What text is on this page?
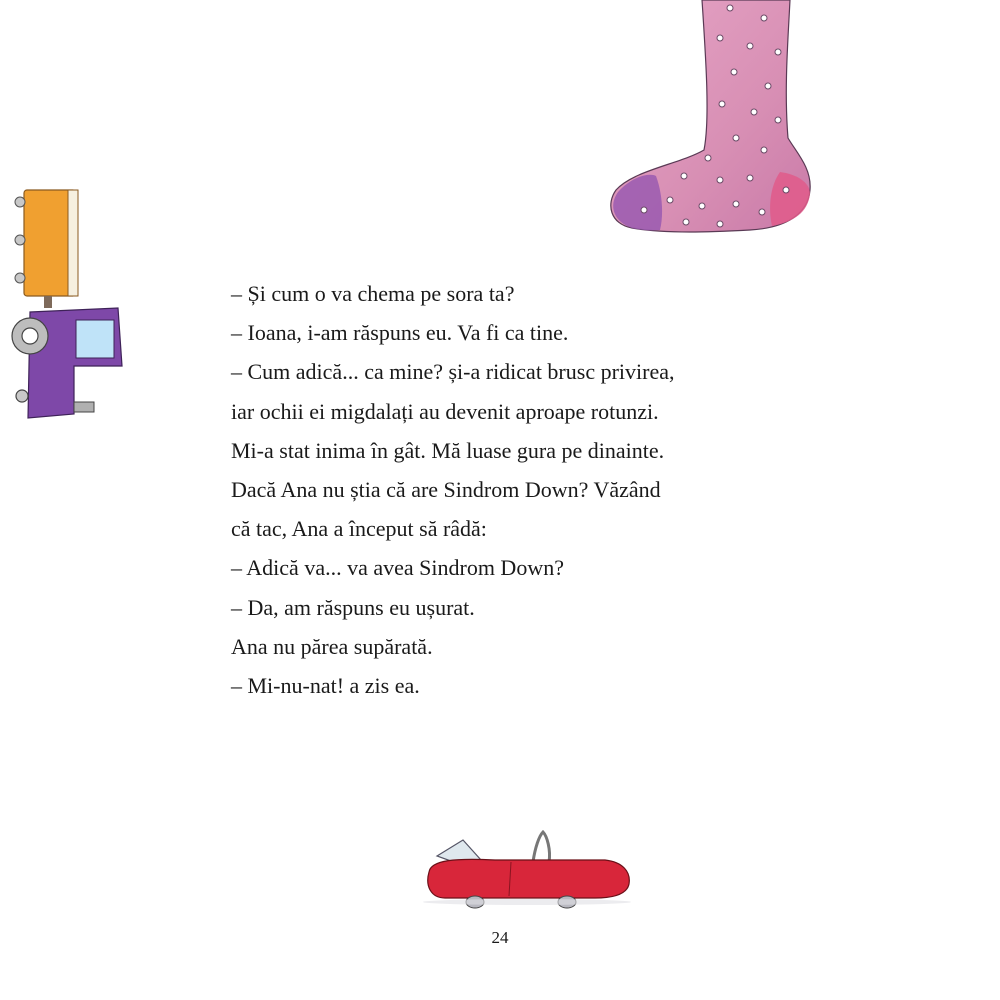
– Și cum o va chema pe sora ta?
– Ioana, i-am răspuns eu. Va fi ca tine.
– Cum adică... ca mine? și-a ridicat brusc privirea,
iar ochii ei migdalați au devenit aproape rotunzi.
Mi-a stat inima în gât. Mă luase gura pe dinainte.
Dacă Ana nu știa că are Sindrom Down? Văzând
că tac, Ana a început să râdă:
– Adică va... va avea Sindrom Down?
– Da, am răspuns eu ușurat.
Ana nu părea supărată.
– Mi-nu-nat! a zis ea.
24
